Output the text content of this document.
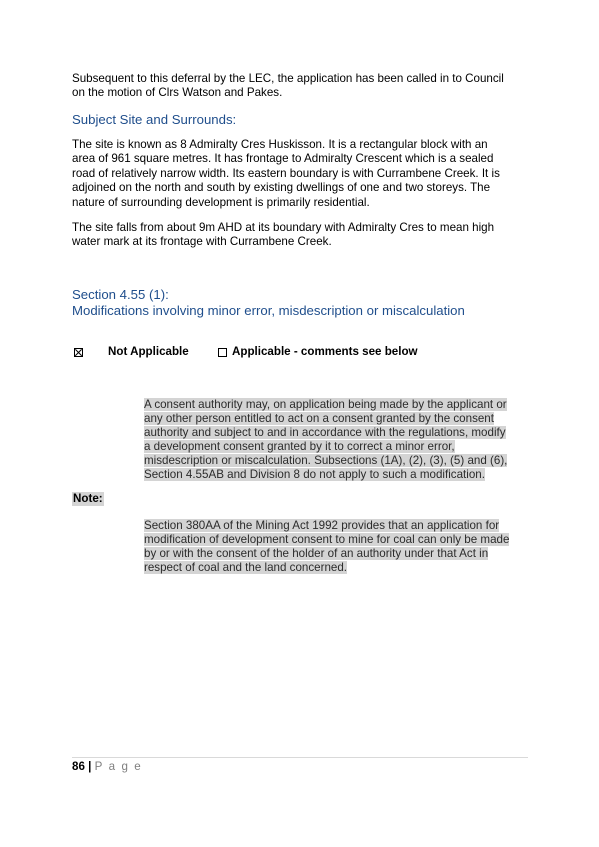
Subsequent to this deferral by the LEC, the application has been called in to Council
on the motion of Clrs Watson and Pakes.

Subject Site and Surrounds:

The site is known as 8 Admiralty Cres Huskisson. It is a rectangular block with an
area of 961 square metres. It has frontage to Admiralty Crescent which is a sealed
road of relatively narrow width. Its eastern boundary is with Currambene Creek. It is
adjoined on the north and south by existing dwellings of one and two storeys. The
nature of surrounding development is primarily residential.

The site falls from about 9m AHD at its boundary with Admiralty Cres to mean high
water mark at its frontage with Currambene Creek.

Section 4.55 (1):
Modifications involving minor error, misdescription or miscalculation

Not Applicable	Applicable - comments see below
A consent authority may, on application being made by the applicant or
any other person entitled to act on a consent granted by the consent
authority and subject to and in accordance with the regulations, modify
a development consent granted by it to correct a minor error,
misdescription or miscalculation. Subsections (1A), (2), (3), (5) and (6),
Section 4.55AB and Division 8 do not apply to such a modification.
Note:
Section 380AA of the Mining Act 1992 provides that an application for
modification of development consent to mine for coal can only be made
by or with the consent of the holder of an authority under that Act in
respect of coal and the land concerned.
86 | P a g e
